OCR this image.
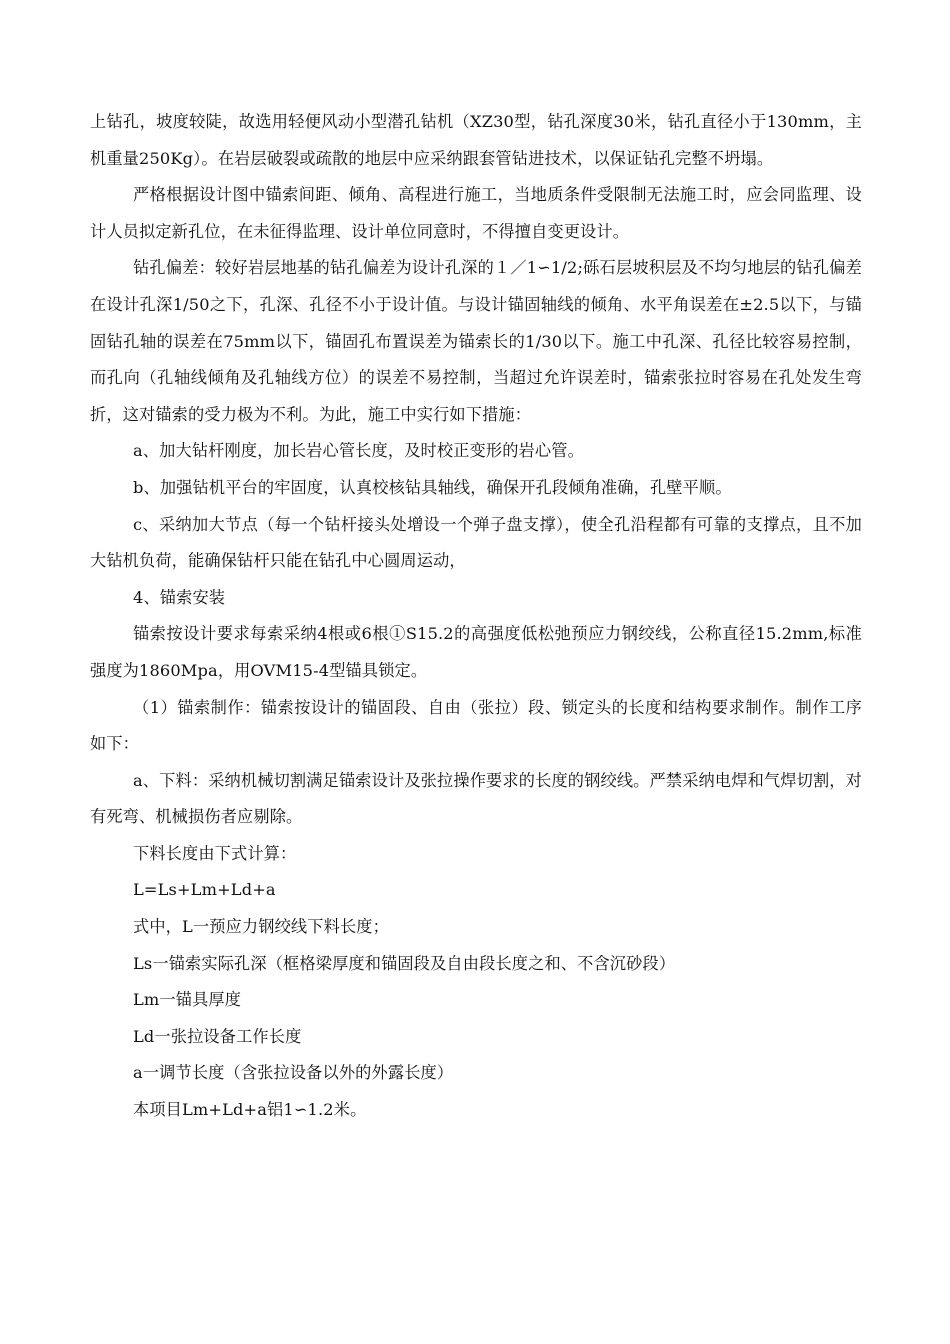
上钻孔，坡度较陡，故选用轻便风动小型潜孔钻机（XZ30型，钻孔深度30米，钻孔直径小于130mm，主机重量250Kg）。在岩层破裂或疏散的地层中应采纳跟套管钻进技术，以保证钻孔完整不坍塌。

严格根据设计图中锚索间距、倾角、高程进行施工，当地质条件受限制无法施工时，应会同监理、设计人员拟定新孔位，在未征得监理、设计单位同意时，不得擅自变更设计。

钻孔偏差：较好岩层地基的钻孔偏差为设计孔深的１／1∽1/2;砾石层坡积层及不均匀地层的钻孔偏差在设计孔深1/50之下，孔深、孔径不小于设计值。与设计锚固轴线的倾角、水平角误差在±2.5以下，与锚固钻孔轴的误差在75mm以下，锚固孔布置误差为锚索长的1/30以下。施工中孔深、孔径比较容易控制，而孔向（孔轴线倾角及孔轴线方位）的误差不易控制，当超过允许误差时，锚索张拉时容易在孔处发生弯折，这对锚索的受力极为不利。为此，施工中实行如下措施：

a、加大钻杆刚度，加长岩心管长度，及时校正变形的岩心管。

b、加强钻机平台的牢固度，认真校核钻具轴线，确保开孔段倾角准确，孔壁平顺。

c、采纳加大节点（每一个钻杆接头处增设一个弹子盘支撑），使全孔沿程都有可靠的支撑点，且不加大钻机负荷，能确保钻杆只能在钻孔中心圆周运动，

4、锚索安装

锚索按设计要求每索采纳4根或6根①S15.2的高强度低松弛预应力钢绞线，公称直径15.2mm,标准强度为1860Mpa，用OVM15-4型锚具锁定。

（1）锚索制作：锚索按设计的锚固段、自由（张拉）段、锁定头的长度和结构要求制作。制作工序如下：

a、下料：采纳机械切割满足锚索设计及张拉操作要求的长度的钢绞线。严禁采纳电焊和气焊切割，对有死弯、机械损伤者应剔除。

下料长度由下式计算：

L=Ls+Lm+Ld+a

式中，L一预应力钢绞线下料长度；

Ls一锚索实际孔深（框格梁厚度和锚固段及自由段长度之和、不含沉砂段）

Lm一锚具厚度

Ld一张拉设备工作长度

a一调节长度（含张拉设备以外的外露长度）

本项目Lm+Ld+a铝1∽1.2米。
